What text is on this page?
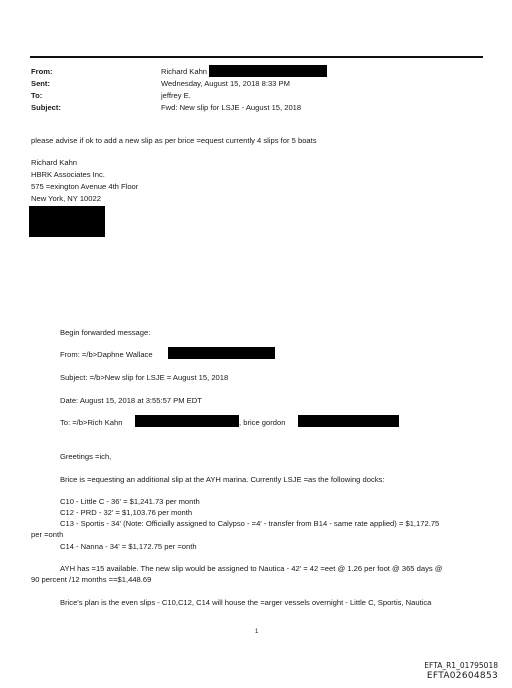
From:
Sent:
To:
Subject:
Richard Kahn
Wednesday, August 15, 2018 8:33 PM
jeffrey E.
Fwd: New slip for LSJE - August 15, 2018
please advise if ok to add a new slip as per brice =equest currently 4 slips for 5 boats
Richard Kahn
HBRK Associates Inc.
575 =exington Avenue 4th Floor
New York, NY 10022
Begin forwarded message:
From: =/b>Daphne Wallace
Subject: =/b>New slip for LSJE = August 15, 2018
Date: August 15, 2018 at 3:55:57 PM EDT
To: =/b>Rich Kahn	, brice gordon
Greetings =ich,
Brice is =equesting an additional slip at the AYH marina. Currently LSJE =as the following docks:
C10 - Little C - 36' = $1,241.73 per month
C12 - PRD - 32' = $1,103.76 per month
C13 - Sportis - 34' (Note: Officially assigned to Calypso - =4' - transfer from B14 - same rate applied) = $1,172.75
per =onth
C14 - Nanna - 34' = $1,172.75 per =onth
AYH has =15 available. The new slip would be assigned to Nautica - 42' = 42 =eet @ 1.26 per foot @ 365 days @
90 percent /12 months ==$1,448.69
Brice's plan is the even slips - C10,C12, C14 will house the =arger vessels overnight - Little C, Sportis, Nautica
1
EFTA_R1_01795018
EFTA02604853
